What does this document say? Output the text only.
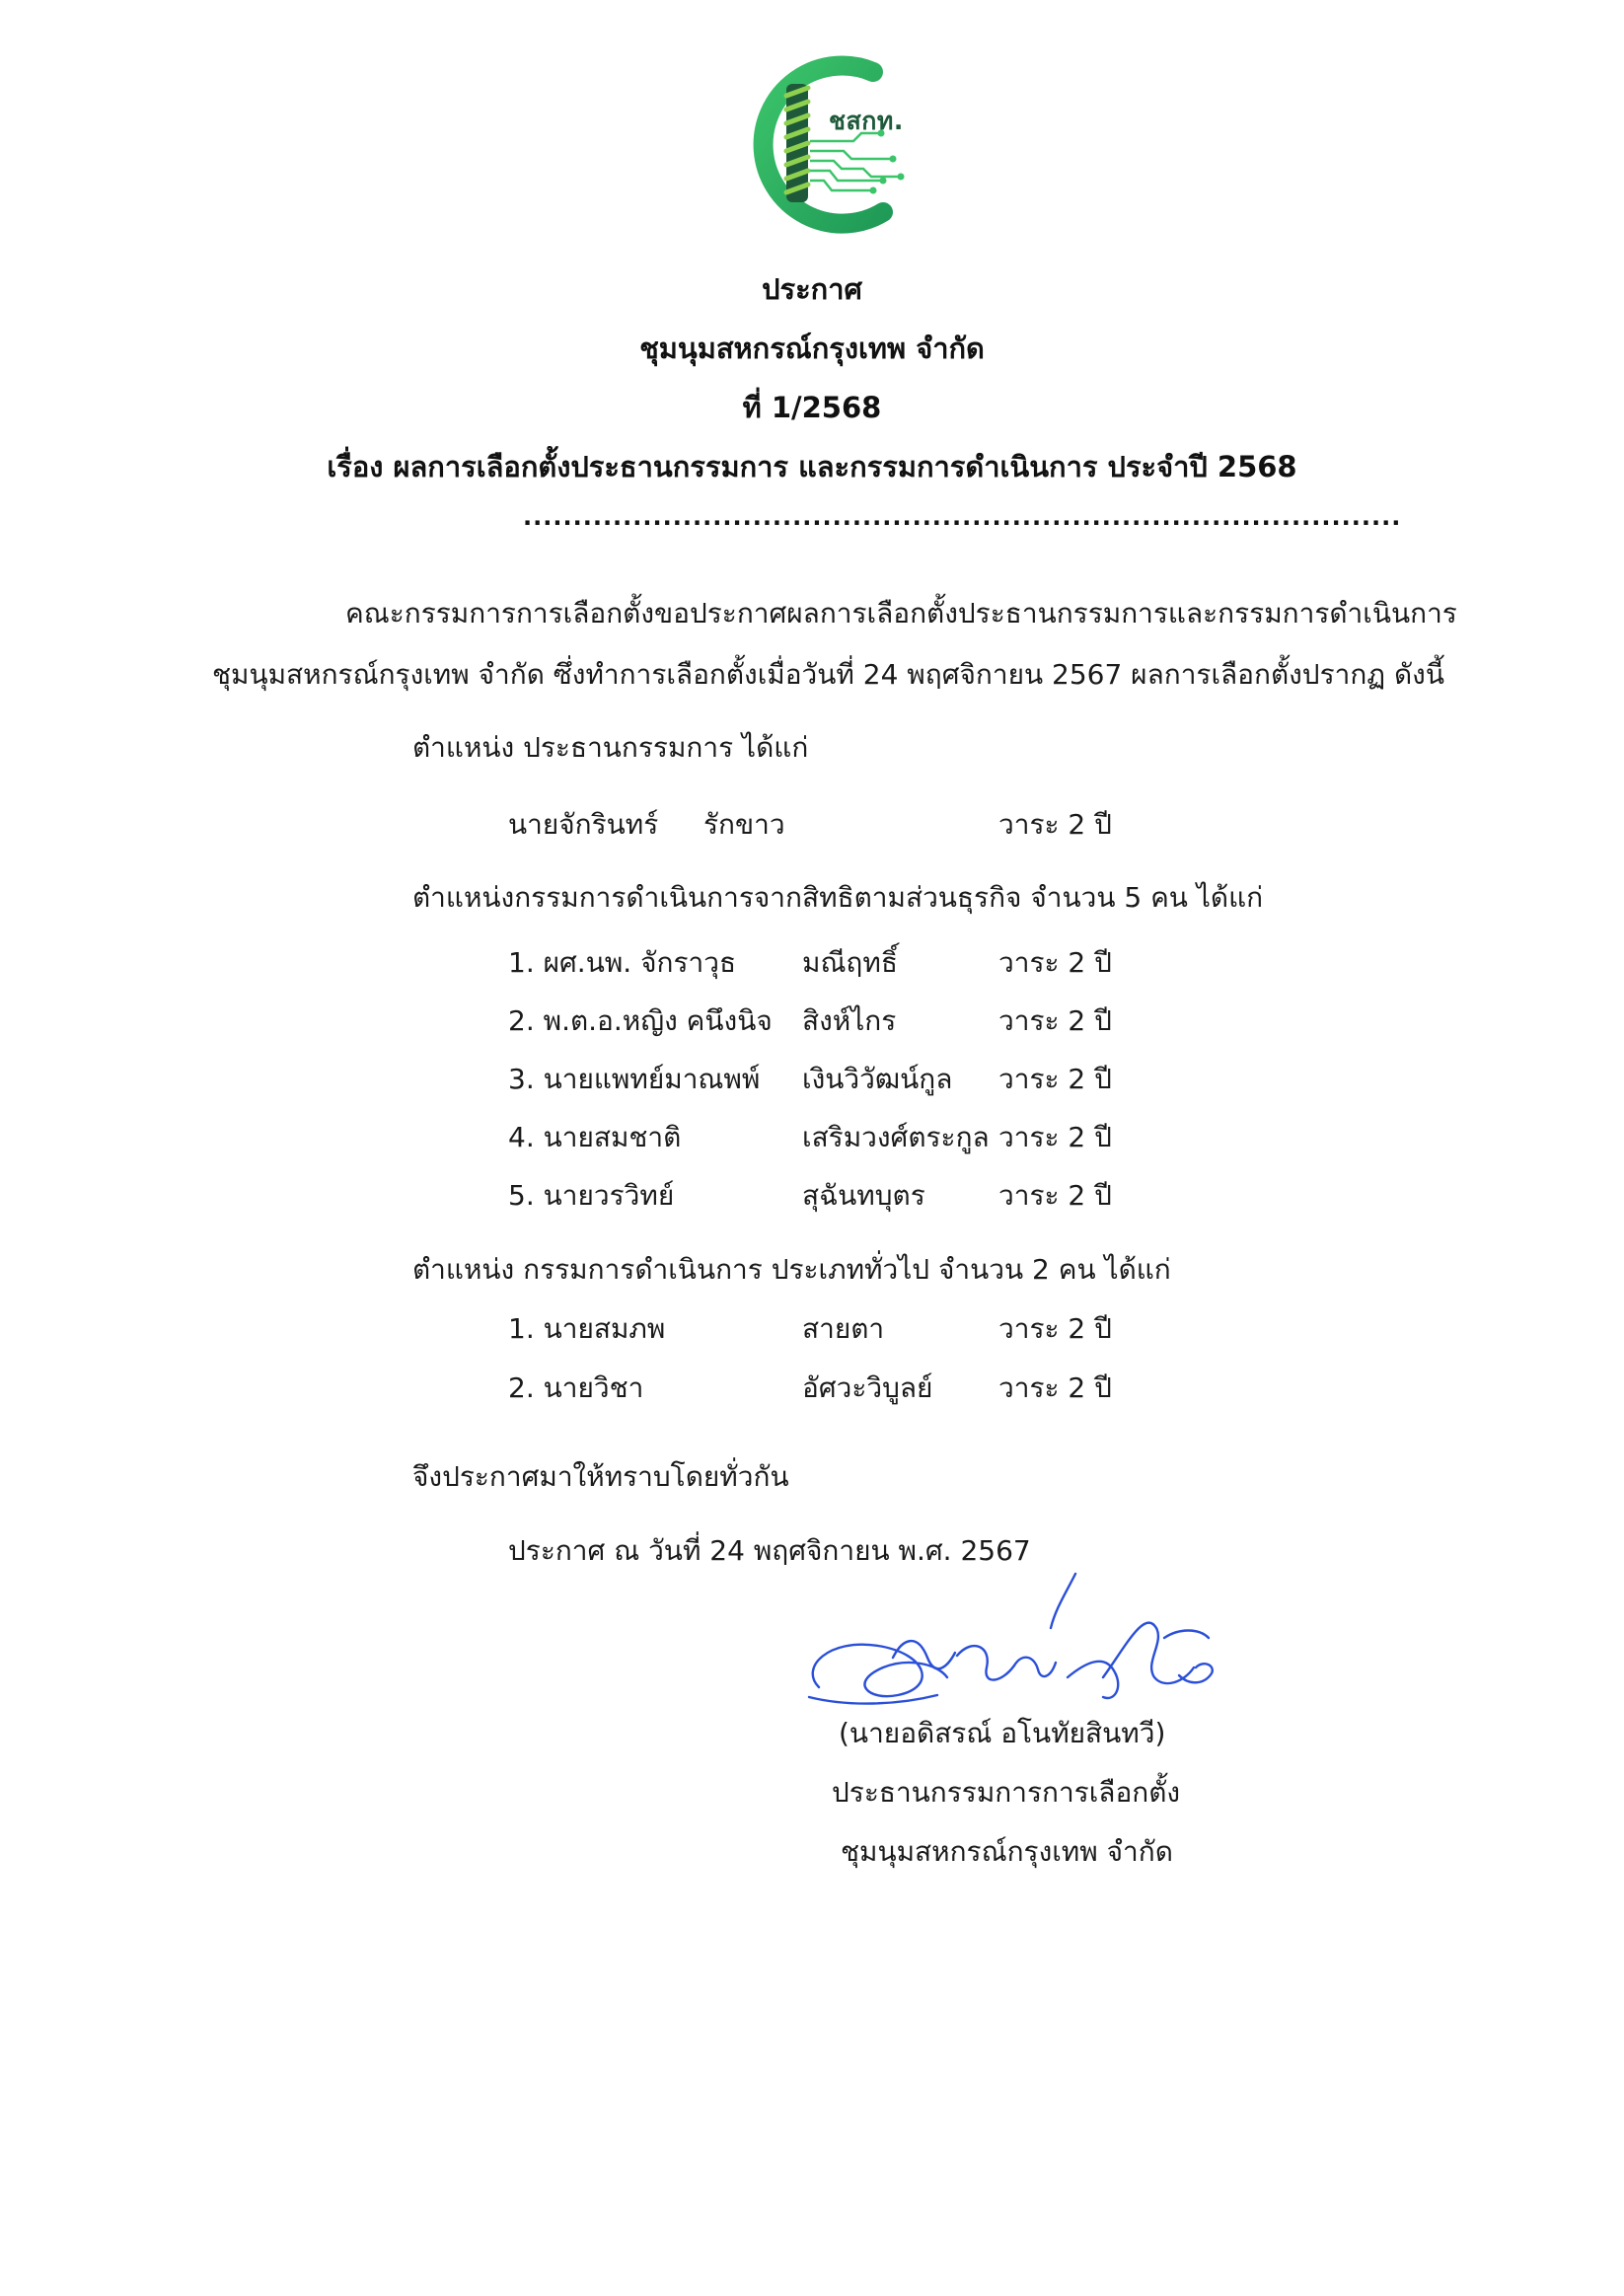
ชสกท.
ประกาศ
ชุมนุมสหกรณ์กรุงเทพ จำกัด
ที่ 1/2568
เรื่อง ผลการเลือกตั้งประธานกรรมการ และกรรมการดำเนินการ ประจำปี 2568
........................................................................................
คณะกรรมการการเลือกตั้งขอประกาศผลการเลือกตั้งประธานกรรมการและกรรมการดำเนินการ
ชุมนุมสหกรณ์กรุงเทพ จำกัด ซึ่งทำการเลือกตั้งเมื่อวันที่ 24 พฤศจิกายน 2567 ผลการเลือกตั้งปรากฏ ดังนี้
ตำแหน่ง ประธานกรรมการ ได้แก่
นายจักรินทร์ รักขาว	วาระ 2 ปี
ตำแหน่งกรรมการดำเนินการจากสิทธิตามส่วนธุรกิจ จำนวน 5 คน ได้แก่
1. ผศ.นพ. จักราวุธ มณีฤทธิ์	วาระ 2 ปี
2. พ.ต.อ.หญิง คนึงนิจ สิงห์ไกร	วาระ 2 ปี
3. นายแพทย์มาณพพ์ เงินวิวัฒน์กูล วาระ 2 ปี
4. นายสมชาติ	เสริมวงศ์ตระกูล วาระ 2 ปี
5. นายวรวิทย์	สุฉันทบุตร	วาระ 2 ปี
ตำแหน่ง กรรมการดำเนินการ ประเภททั่วไป จำนวน 2 คน ได้แก่
1. นายสมภพ	สายตา	วาระ 2 ปี
2. นายวิชา	อัศวะวิบูลย์ วาระ 2 ปี
จึงประกาศมาให้ทราบโดยทั่วกัน
ประกาศ ณ วันที่ 24 พฤศจิกายน พ.ศ. 2567
(นายอดิสรณ์ อโนทัยสินทวี)
ประธานกรรมการการเลือกตั้ง
ชุมนุมสหกรณ์กรุงเทพ จำกัด
